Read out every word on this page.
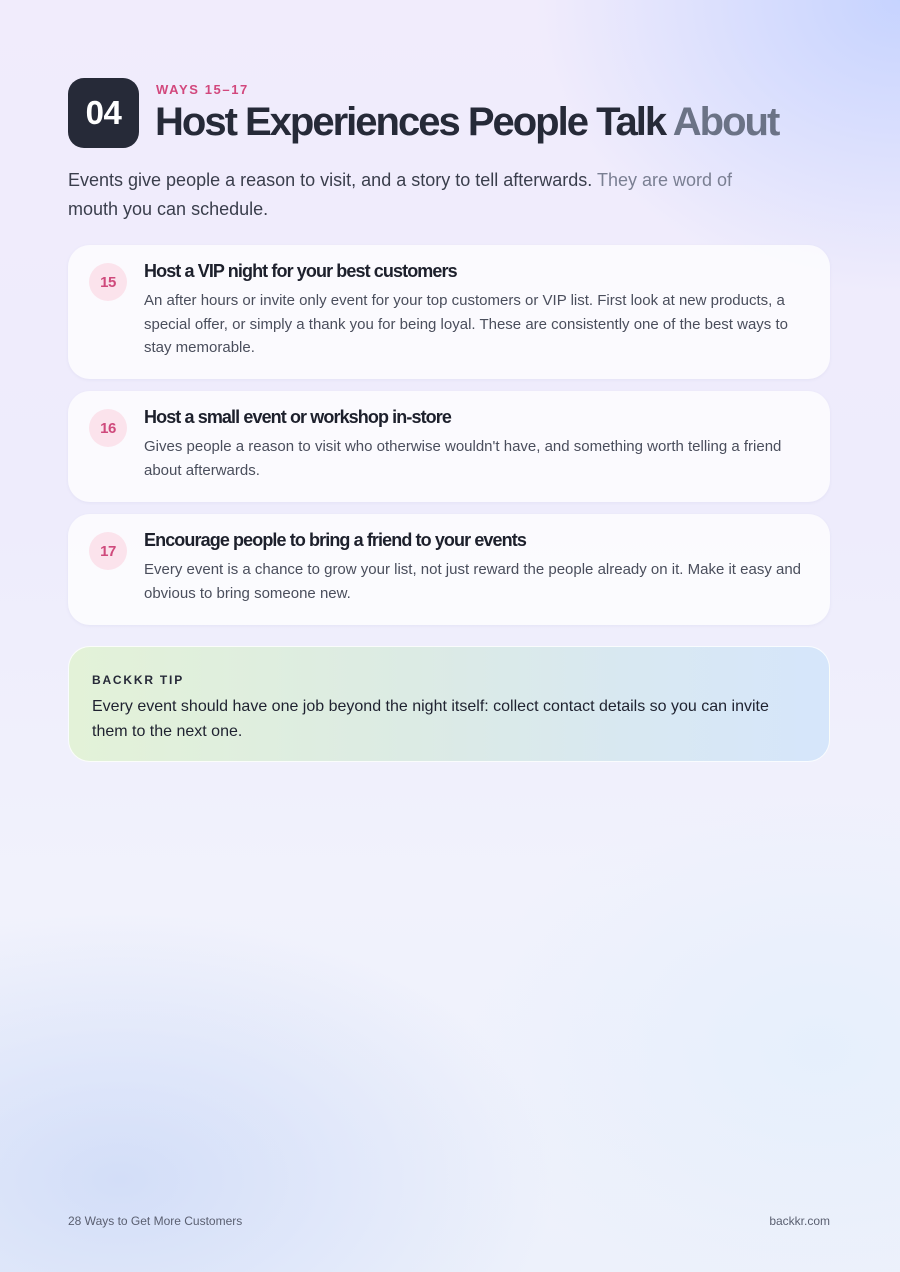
04
WAYS 15–17
Host Experiences People Talk About

Events give people a reason to visit, and a story to tell afterwards. They are word of
mouth you can schedule.

15
Host a VIP night for your best customers
An after hours or invite only event for your top customers or VIP list. First look at new products, a special offer, or simply a thank you for being loyal. These are consistently one of the best ways to stay memorable.
16
Host a small event or workshop in-store
Gives people a reason to visit who otherwise wouldn't have, and something worth telling a friend about afterwards.
17
Encourage people to bring a friend to your events
Every event is a chance to grow your list, not just reward the people already on it. Make it easy and obvious to bring someone new.
BACKKR TIP
Every event should have one job beyond the night itself: collect contact details so you can invite them to the next one.
28 Ways to Get More Customers	backkr.com
